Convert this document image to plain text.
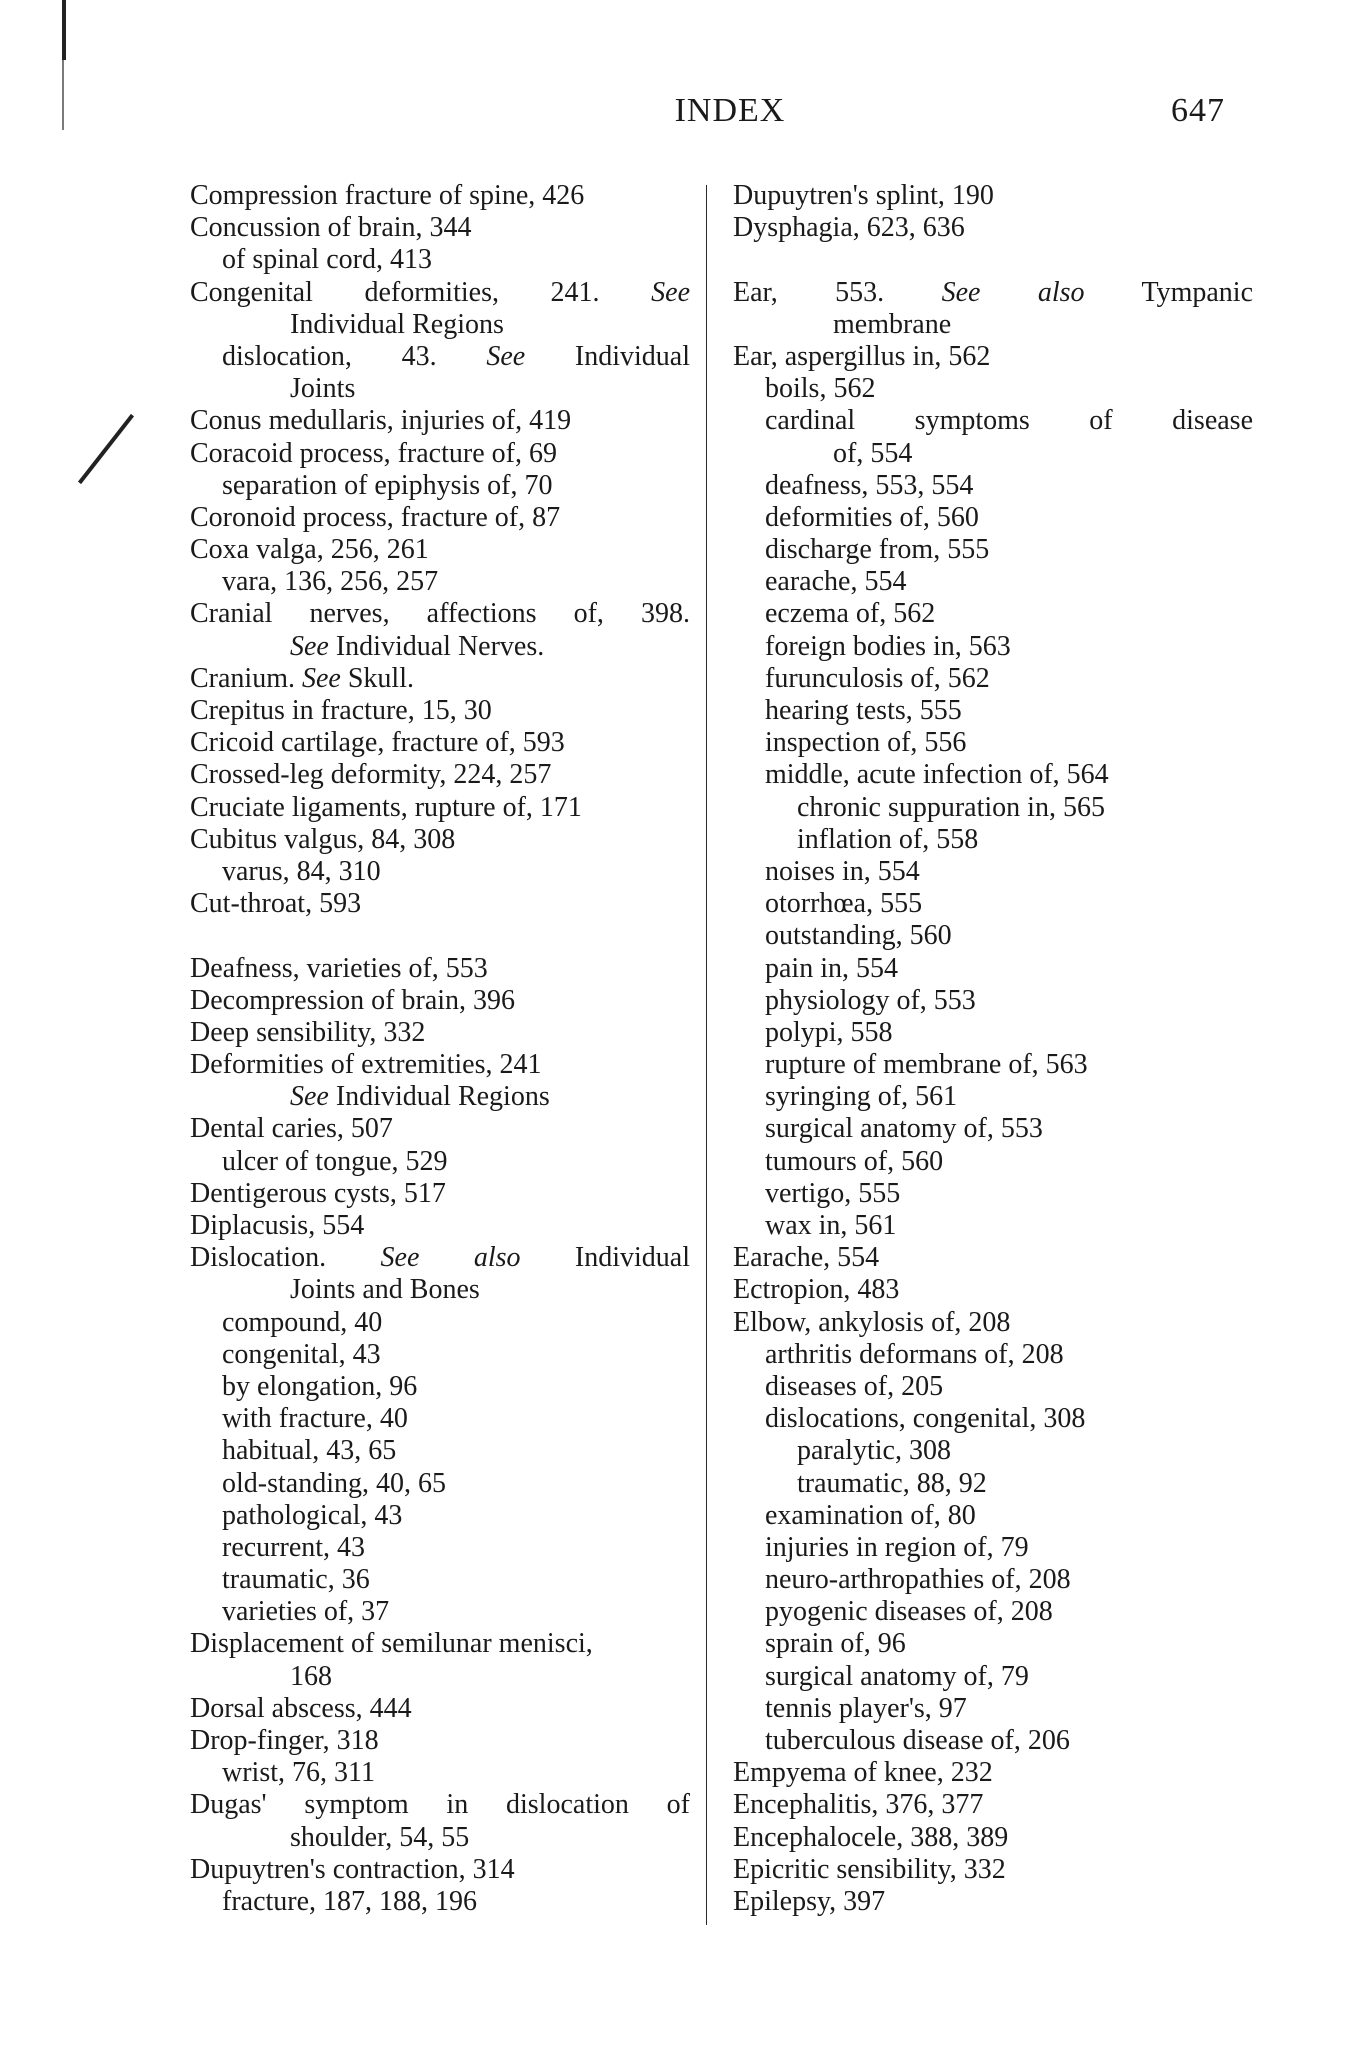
INDEX	647
Compression fracture of spine, 426
Concussion of brain, 344
of spinal cord, 413
Congenital deformities, 241. See
Individual Regions
dislocation, 43. See Individual
Joints
Conus medullaris, injuries of, 419
Coracoid process, fracture of, 69
separation of epiphysis of, 70
Coronoid process, fracture of, 87
Coxa valga, 256, 261
vara, 136, 256, 257
Cranial nerves, affections of, 398.
See Individual Nerves.
Cranium. See Skull.
Crepitus in fracture, 15, 30
Cricoid cartilage, fracture of, 593
Crossed-leg deformity, 224, 257
Cruciate ligaments, rupture of, 171
Cubitus valgus, 84, 308
varus, 84, 310
Cut-throat, 593
Deafness, varieties of, 553
Decompression of brain, 396
Deep sensibility, 332
Deformities of extremities, 241
See Individual Regions
Dental caries, 507
ulcer of tongue, 529
Dentigerous cysts, 517
Diplacusis, 554
Dislocation. See also Individual
Joints and Bones
compound, 40
congenital, 43
by elongation, 96
with fracture, 40
habitual, 43, 65
old-standing, 40, 65
pathological, 43
recurrent, 43
traumatic, 36
varieties of, 37
Displacement of semilunar menisci,
168
Dorsal abscess, 444
Drop-finger, 318
wrist, 76, 311
Dugas' symptom in dislocation of
shoulder, 54, 55
Dupuytren's contraction, 314
fracture, 187, 188, 196
Dupuytren's splint, 190
Dysphagia, 623, 636
Ear, 553. See also Tympanic
membrane
Ear, aspergillus in, 562
boils, 562
cardinal symptoms of disease
of, 554
deafness, 553, 554
deformities of, 560
discharge from, 555
earache, 554
eczema of, 562
foreign bodies in, 563
furunculosis of, 562
hearing tests, 555
inspection of, 556
middle, acute infection of, 564
chronic suppuration in, 565
inflation of, 558
noises in, 554
otorrhœa, 555
outstanding, 560
pain in, 554
physiology of, 553
polypi, 558
rupture of membrane of, 563
syringing of, 561
surgical anatomy of, 553
tumours of, 560
vertigo, 555
wax in, 561
Earache, 554
Ectropion, 483
Elbow, ankylosis of, 208
arthritis deformans of, 208
diseases of, 205
dislocations, congenital, 308
paralytic, 308
traumatic, 88, 92
examination of, 80
injuries in region of, 79
neuro-arthropathies of, 208
pyogenic diseases of, 208
sprain of, 96
surgical anatomy of, 79
tennis player's, 97
tuberculous disease of, 206
Empyema of knee, 232
Encephalitis, 376, 377
Encephalocele, 388, 389
Epicritic sensibility, 332
Epilepsy, 397
